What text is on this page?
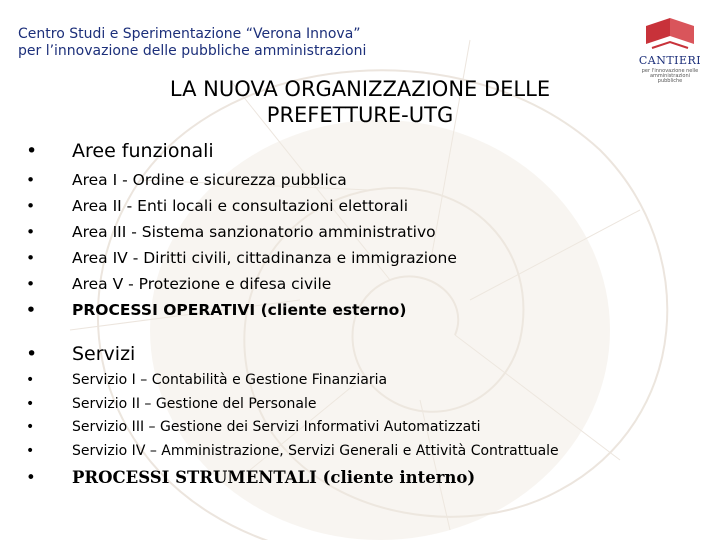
Centro Studi e Sperimentazione “Verona Innova”
per l’innovazione delle pubbliche amministrazioni
CANTIERI
per l'innovazione nelle amministrazioni pubbliche
LA NUOVA ORGANIZZAZIONE DELLE
PREFETTURE-UTG
• Aree funzionali
• Area I - Ordine e sicurezza pubblica
• Area II - Enti locali e consultazioni elettorali
• Area III - Sistema sanzionatorio amministrativo
• Area IV - Diritti civili, cittadinanza e immigrazione
• Area V - Protezione e difesa civile
• PROCESSI OPERATIVI (cliente esterno)
• Servizi
•	Servizio I – Contabilità e Gestione Finanziaria
•	Servizio II – Gestione del Personale
•	Servizio III – Gestione dei Servizi Informativi Automatizzati
•	Servizio IV – Amministrazione, Servizi Generali e Attività Contrattuale
• PROCESSI STRUMENTALI (cliente interno)
